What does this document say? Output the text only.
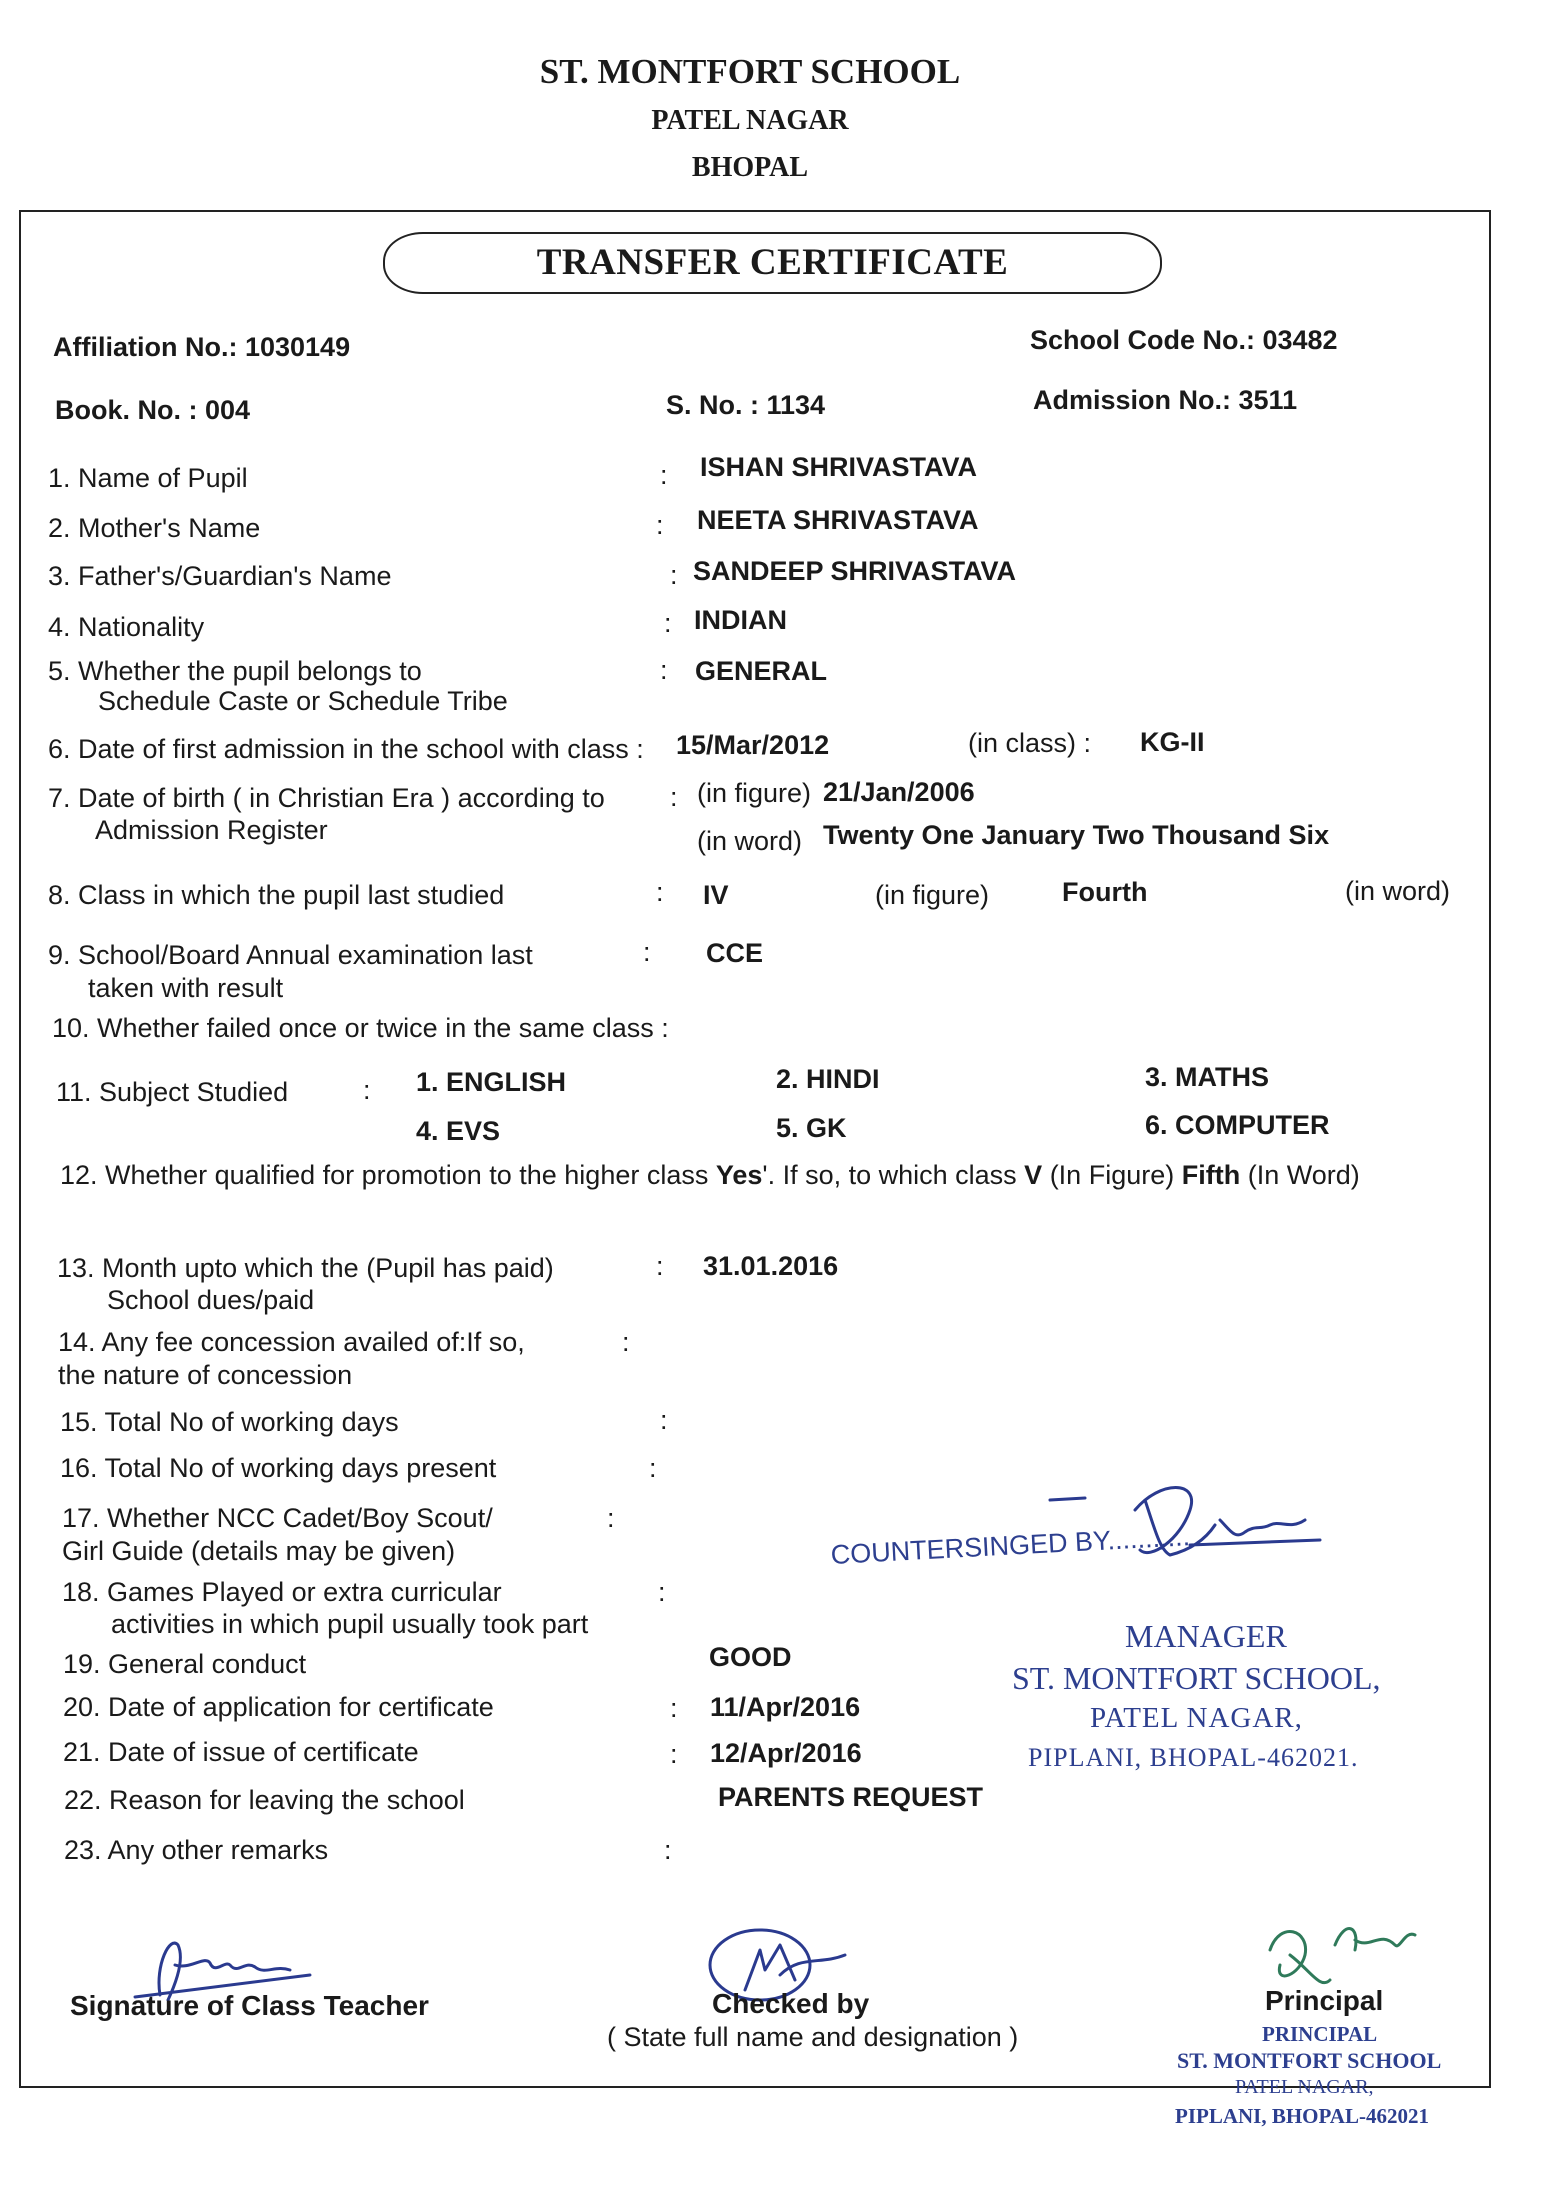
ST. MONTFORT SCHOOL
PATEL NAGAR
BHOPAL
TRANSFER CERTIFICATE
Affiliation No.: 1030149	School Code No.: 03482
Book. No. : 004	S. No. : 1134	Admission No.: 3511
1. Name of Pupil	: ISHAN SHRIVASTAVA
2. Mother's Name	: NEETA SHRIVASTAVA
3. Father's/Guardian's Name	: SANDEEP SHRIVASTAVA
4. Nationality	: INDIAN
5. Whether the pupil belongs to
Schedule Caste or Schedule Tribe
: GENERAL
6. Date of first admission in the school with class : 15/Mar/2012	(in class) : KG-II
7. Date of birth ( in Christian Era ) according to
Admission Register
: (in figure) 21/Jan/2006
(in word) Twenty One January Two Thousand Six
8. Class in which the pupil last studied	: IV	(in figure)	Fourth	(in word)
9. School/Board Annual examination last
taken with result
: CCE
10. Whether failed once or twice in the same class :
11. Subject Studied	: 1. ENGLISH	2. HINDI	3. MATHS
4. EVS	5. GK	6. COMPUTER
12. Whether qualified for promotion to the higher class Yes'. If so, to which class V (In Figure) Fifth (In Word)
13. Month upto which the (Pupil has paid)
School dues/paid
: 31.01.2016
14. Any fee concession availed of:If so,
the nature of concession
:
15. Total No of working days	:
16. Total No of working days present	:
17. Whether NCC Cadet/Boy Scout/
Girl Guide (details may be given)
:
18. Games Played or extra curricular
activities in which pupil usually took part
:
19. General conduct	GOOD
20. Date of application for certificate	: 11/Apr/2016
21. Date of issue of certificate	: 12/Apr/2016
22. Reason for leaving the school	PARENTS REQUEST
23. Any other remarks	:
COUNTERSINGED BY...........
MANAGER
ST. MONTFORT SCHOOL,
PATEL NAGAR,
PIPLANI, BHOPAL-462021.
Signature of Class Teacher	Checked by
( State full name and designation )
Principal
PRINCIPAL
ST. MONTFORT SCHOOL
PATEL NAGAR,
PIPLANI, BHOPAL-462021
